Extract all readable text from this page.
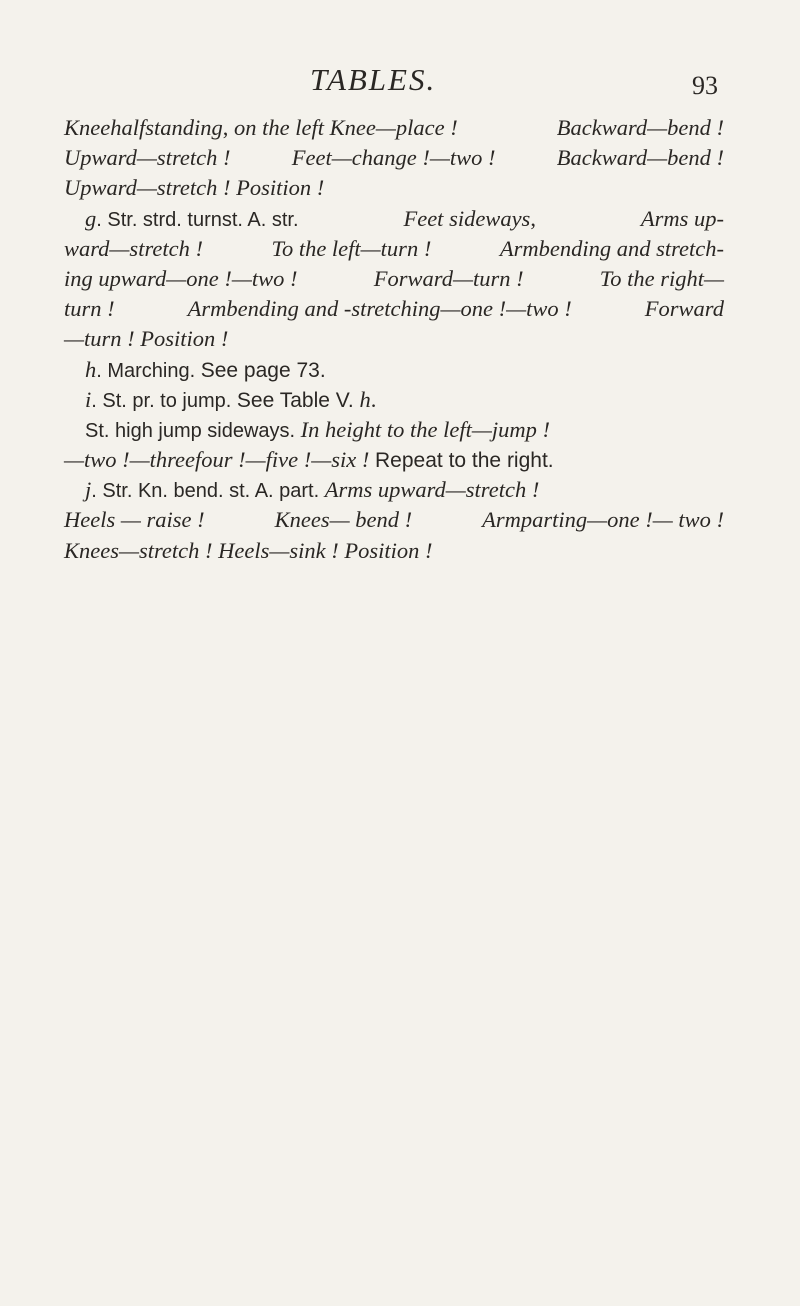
TABLES.	93
Kneehalfstanding, on the left Knee—place !	Backward—bend !
Upward—stretch !	Feet—change !—two !	Backward—bend !
Upward—stretch ! Position !
g. Str. strd. turnst. A. str.	Feet sideways,	Arms up-
ward—stretch !	To the left—turn !	Armbending and stretch-
ing upward—one !—two !	Forward—turn !	To the right—
turn !	Armbending and -stretching—one !—two !	Forward
—turn ! Position !
h. Marching. See page 73.
i. St. pr. to jump. See Table V. h.
St. high jump sideways. In height to the left—jump !
—two !—threefour !—five !—six ! Repeat to the right.
j. Str. Kn. bend. st. A. part. Arms upward—stretch !
Heels — raise !	Knees— bend !	Armparting—one !— two !
Knees—stretch ! Heels—sink ! Position !
